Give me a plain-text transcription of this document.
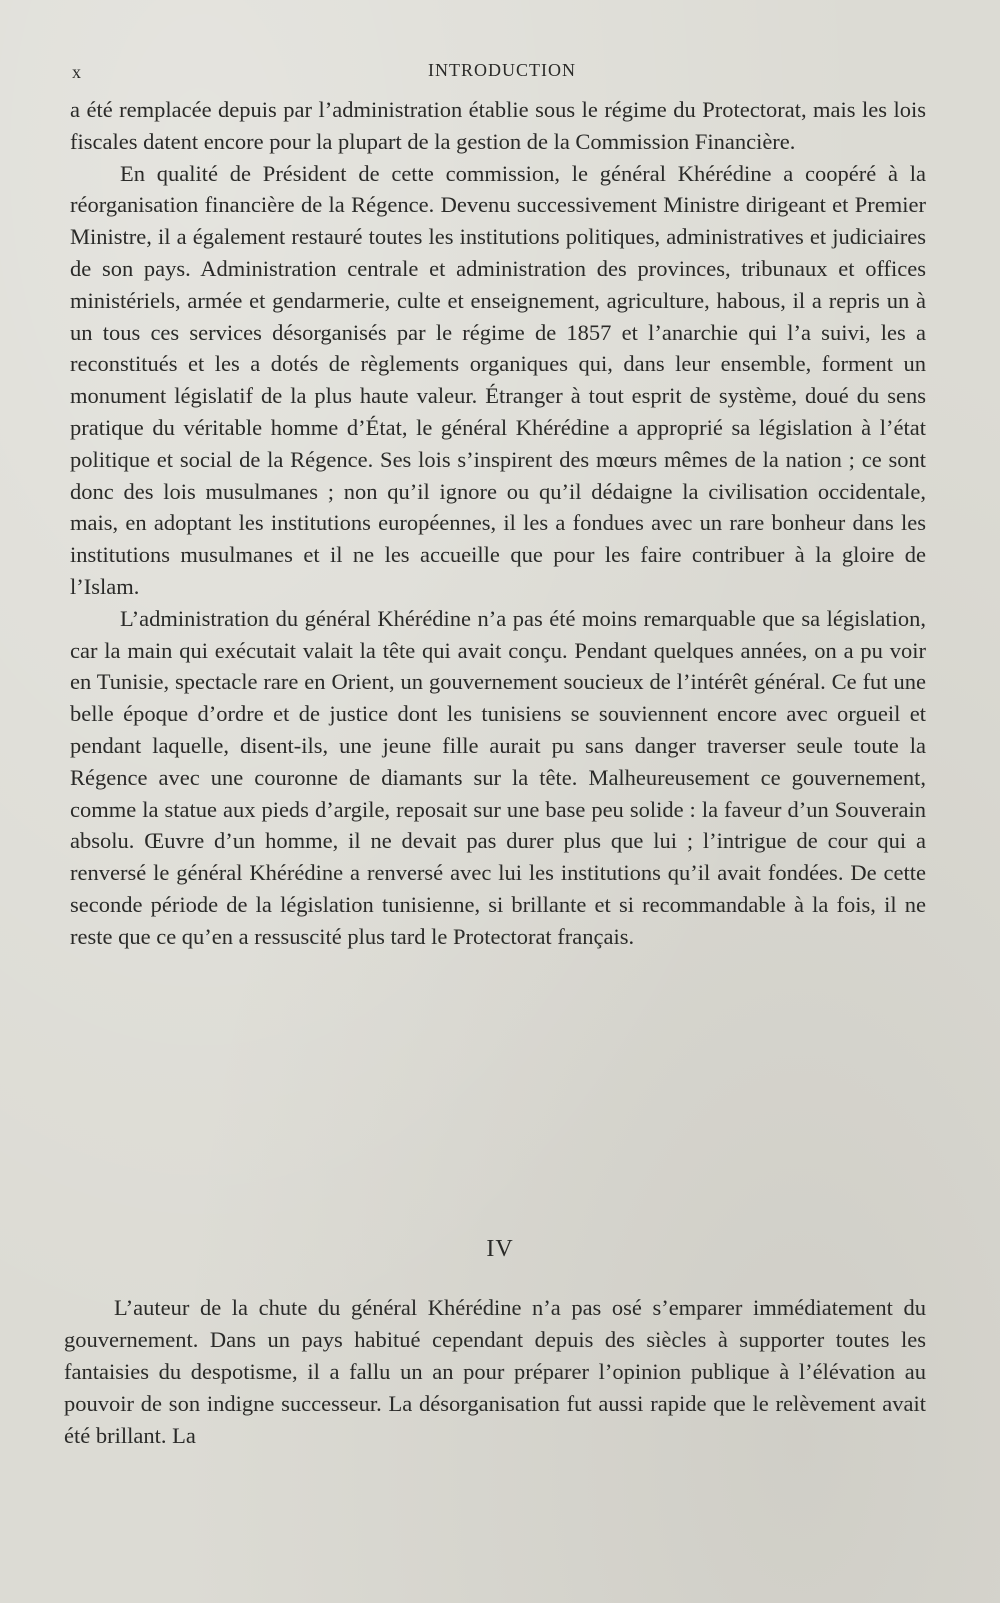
x	INTRODUCTION

a été remplacée depuis par l’administration établie sous le régime du Protectorat, mais les lois fiscales datent encore pour la plupart de la gestion de la Commission Financière.

En qualité de Président de cette commission, le général Khérédine a coopéré à la réorganisation financière de la Régence. Devenu successivement Ministre dirigeant et Premier Ministre, il a également restauré toutes les institutions politiques, administratives et judiciaires de son pays. Administration centrale et administration des provinces, tribunaux et offices ministériels, armée et gendarmerie, culte et enseignement, agriculture, habous, il a repris un à un tous ces services désorganisés par le régime de 1857 et l’anarchie qui l’a suivi, les a reconstitués et les a dotés de règlements organiques qui, dans leur ensemble, forment un monument législatif de la plus haute valeur. Étranger à tout esprit de système, doué du sens pratique du véritable homme d’État, le général Khérédine a approprié sa législation à l’état politique et social de la Régence. Ses lois s’inspirent des mœurs mêmes de la nation ; ce sont donc des lois musulmanes ; non qu’il ignore ou qu’il dédaigne la civilisation occidentale, mais, en adoptant les institutions européennes, il les a fondues avec un rare bonheur dans les institutions musulmanes et il ne les accueille que pour les faire contribuer à la gloire de l’Islam.

L’administration du général Khérédine n’a pas été moins remarquable que sa législation, car la main qui exécutait valait la tête qui avait conçu. Pendant quelques années, on a pu voir en Tunisie, spectacle rare en Orient, un gouvernement soucieux de l’intérêt général. Ce fut une belle époque d’ordre et de justice dont les tunisiens se souviennent encore avec orgueil et pendant laquelle, disent-ils, une jeune fille aurait pu sans danger traverser seule toute la Régence avec une couronne de diamants sur la tête. Malheureusement ce gouvernement, comme la statue aux pieds d’argile, reposait sur une base peu solide : la faveur d’un Souverain absolu. Œuvre d’un homme, il ne devait pas durer plus que lui ; l’intrigue de cour qui a renversé le général Khérédine a renversé avec lui les institutions qu’il avait fondées. De cette seconde période de la législation tunisienne, si brillante et si recommandable à la fois, il ne reste que ce qu’en a ressuscité plus tard le Protectorat français.

IV

L’auteur de la chute du général Khérédine n’a pas osé s’emparer immédiatement du gouvernement. Dans un pays habitué cependant depuis des siècles à supporter toutes les fantaisies du despotisme, il a fallu un an pour préparer l’opinion publique à l’élévation au pouvoir de son indigne successeur. La désorganisation fut aussi rapide que le relèvement avait été brillant. La
